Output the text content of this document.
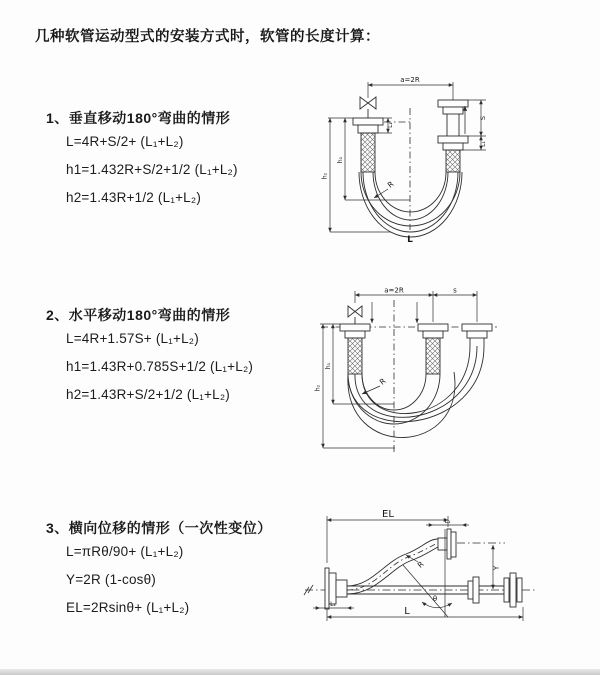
几种软管运动型式的安装方式时，软管的长度计算：
1、垂直移动180°弯曲的情形
L=4R+S/2+ (L₁+L₂)
h1=1.432R+S/2+1/2 (L₁+L₂)
h2=1.43R+1/2 (L₁+L₂)
2、水平移动180°弯曲的情形
L=4R+1.57S+ (L₁+L₂)
h1=1.43R+0.785S+1/2 (L₁+L₂)
h2=1.43R+S/2+1/2 (L₁+L₂)
3、横向位移的情形（一次性变位）
L=πRθ/90+ (L₁+L₂)
Y=2R (1-cosθ)
EL=2Rsinθ+ (L₁+L₂)
a=2R
L₁
S
L₁
h₁
h₂
R
L
a=2R	s
h₁
h₂
R
EL
L₁
Y
R
θ
L
L₁
